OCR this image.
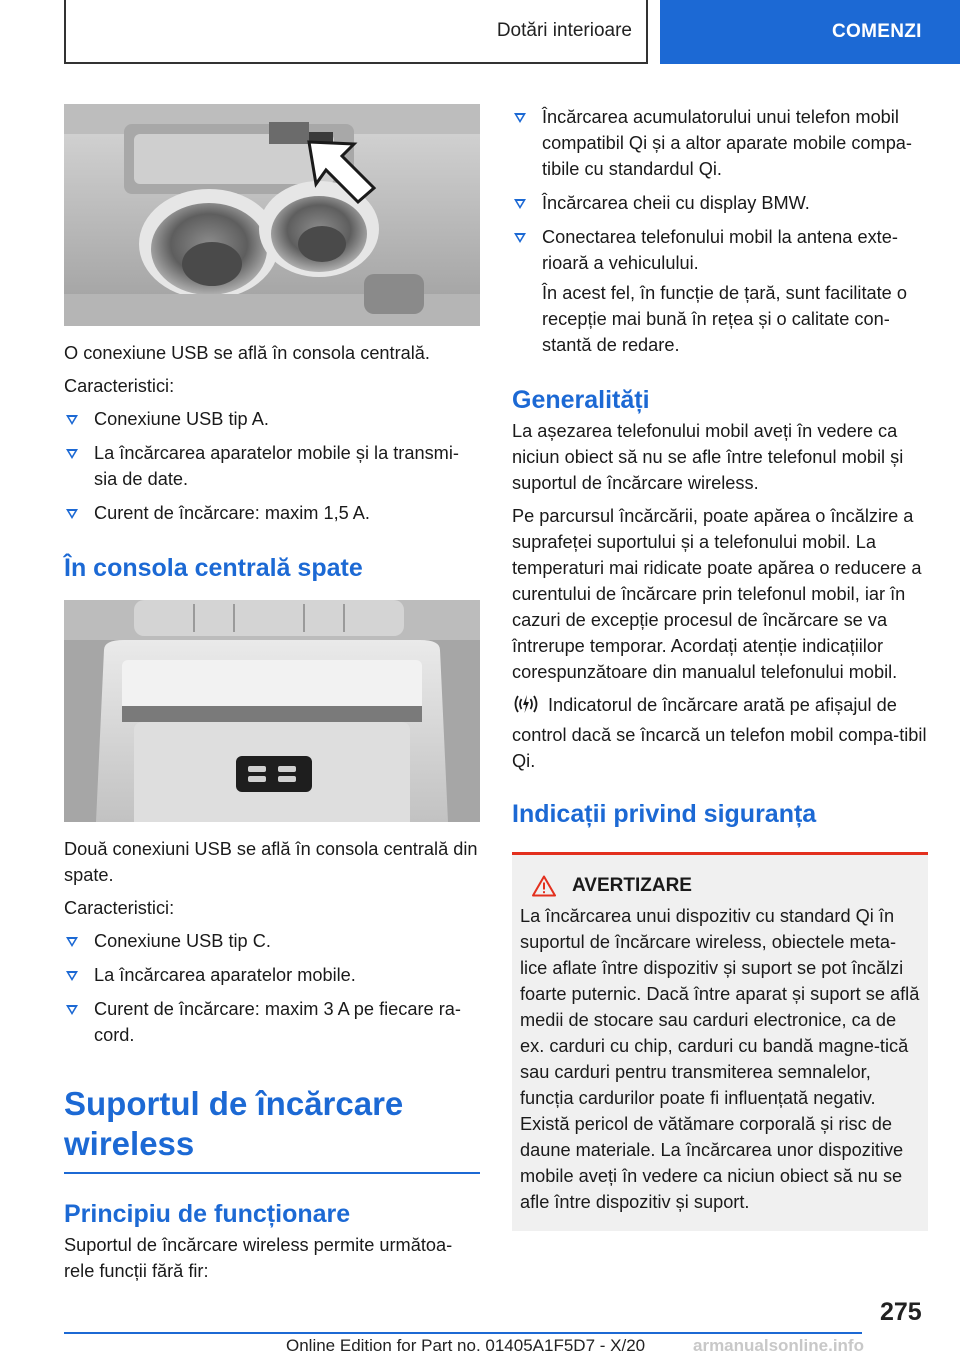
Dotări interioare	COMENZI

O conexiune USB se află în consola centrală.

Caracteristici:

Conexiune USB tip A.
La încărcarea aparatelor mobile și la transmi-sia de date.
Curent de încărcare: maxim 1,5 A.
În consola centrală spate

Două conexiuni USB se află în consola centrală din spate.

Caracteristici:

Conexiune USB tip C.
La încărcarea aparatelor mobile.
Curent de încărcare: maxim 3 A pe fiecare ra-cord.
Suportul de încărcare wireless
Principiu de funcționare

Suportul de încărcare wireless permite următoa-rele funcții fără fir:

Încărcarea acumulatorului unui telefon mobil compatibil Qi și a altor aparate mobile compa-tibile cu standardul Qi.
Încărcarea cheii cu display BMW.
Conectarea telefonului mobil la antena exte-rioară a vehiculului.

În acest fel, în funcție de țară, sunt facilitate o recepție mai bună în rețea și o calitate con-stantă de redare.

Generalități

La așezarea telefonului mobil aveți în vedere ca niciun obiect să nu se afle între telefonul mobil și suportul de încărcare wireless.

Pe parcursul încărcării, poate apărea o încălzire a suprafeței suportului și a telefonului mobil. La temperaturi mai ridicate poate apărea o reducere a curentului de încărcare prin telefonul mobil, iar în cazuri de excepție procesul de încărcare se va întrerupe temporar. Acordați atenție indicațiilor corespunzătoare din manualul telefonului mobil.

Indicatorul de încărcare arată pe afișajul de control dacă se încarcă un telefon mobil compa-tibil Qi.

Indicații privind siguranța
AVERTIZARE

La încărcarea unui dispozitiv cu standard Qi în suportul de încărcare wireless, obiectele meta-lice aflate între dispozitiv și suport se pot încălzi foarte puternic. Dacă între aparat și suport se află medii de stocare sau carduri electronice, ca de ex. carduri cu chip, carduri cu bandă magne-tică sau carduri pentru transmiterea semnalelor, funcția cardurilor poate fi influențată negativ. Există pericol de vătămare corporală și risc de daune materiale. La încărcarea unor dispozitive mobile aveți în vedere ca niciun obiect să nu se afle între dispozitiv și suport.

275
Online Edition for Part no. 01405A1F5D7 - X/20	armanualsonline.info
